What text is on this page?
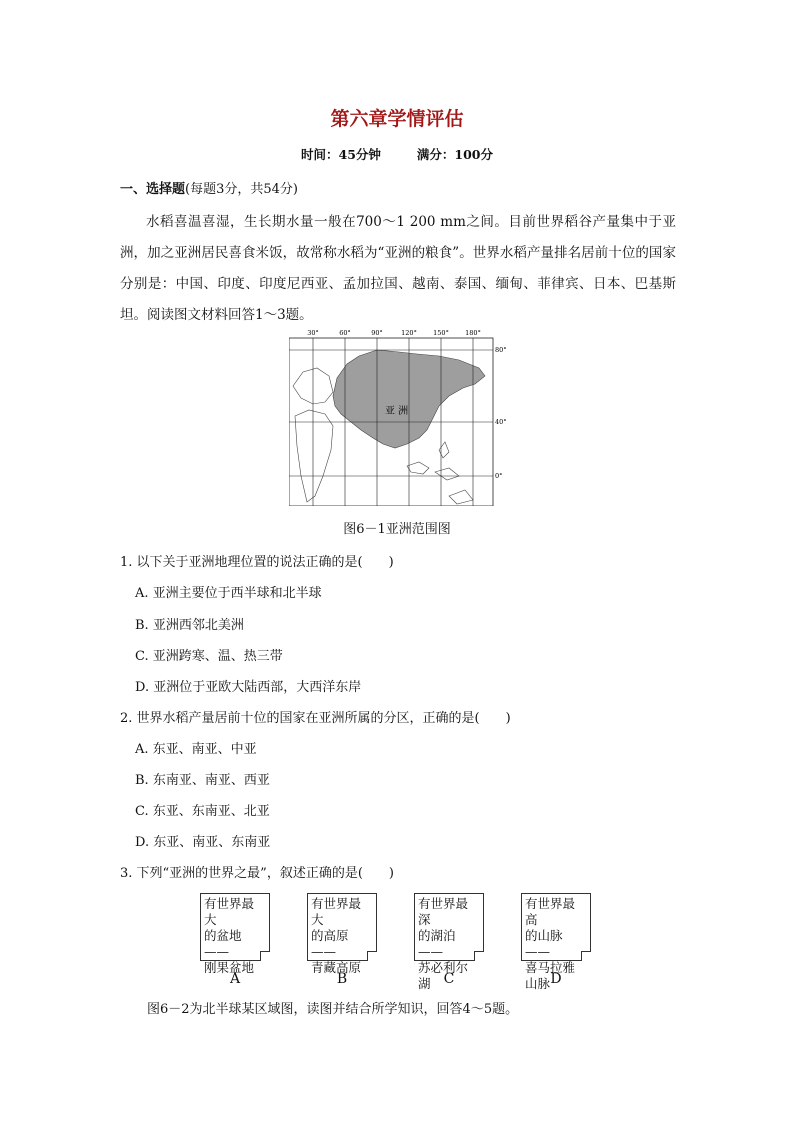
第六章学情评估
时间：45分钟	满分：100分
一、选择题(每题3分，共54分)
水稻喜温喜湿，生长期水量一般在700～1 200 mm之间。目前世界稻谷产量集中于亚洲，加之亚洲居民喜食米饭，故常称水稻为“亚洲的粮食”。世界水稻产量排名居前十位的国家分别是：中国、印度、印度尼西亚、孟加拉国、越南、泰国、缅甸、菲律宾、日本、巴基斯坦。阅读图文材料回答1～3题。
30°	60°	90°	120°	150°	180°
80°
40°
0°
亚 洲
图6－1亚洲范围图
1. 以下关于亚洲地理位置的说法正确的是(　　)
A. 亚洲主要位于西半球和北半球
B. 亚洲西邻北美洲
C. 亚洲跨寒、温、热三带
D. 亚洲位于亚欧大陆西部，大西洋东岸
2. 世界水稻产量居前十位的国家在亚洲所属的分区，正确的是(　　)
A. 东亚、南亚、中亚
B. 东南亚、南亚、西亚
C. 东亚、东南亚、北亚
D. 东亚、南亚、东南亚
3. 下列“亚洲的世界之最”，叙述正确的是(　　)
有世界最大
的盆地——
刚果盆地
A
有世界最大
的高原——
青藏高原
B
有世界最深
的湖泊——
苏必利尔湖 C
有世界最高
的山脉——
喜马拉雅
山脉 D
图6－2为北半球某区域图，读图并结合所学知识，回答4～5题。
